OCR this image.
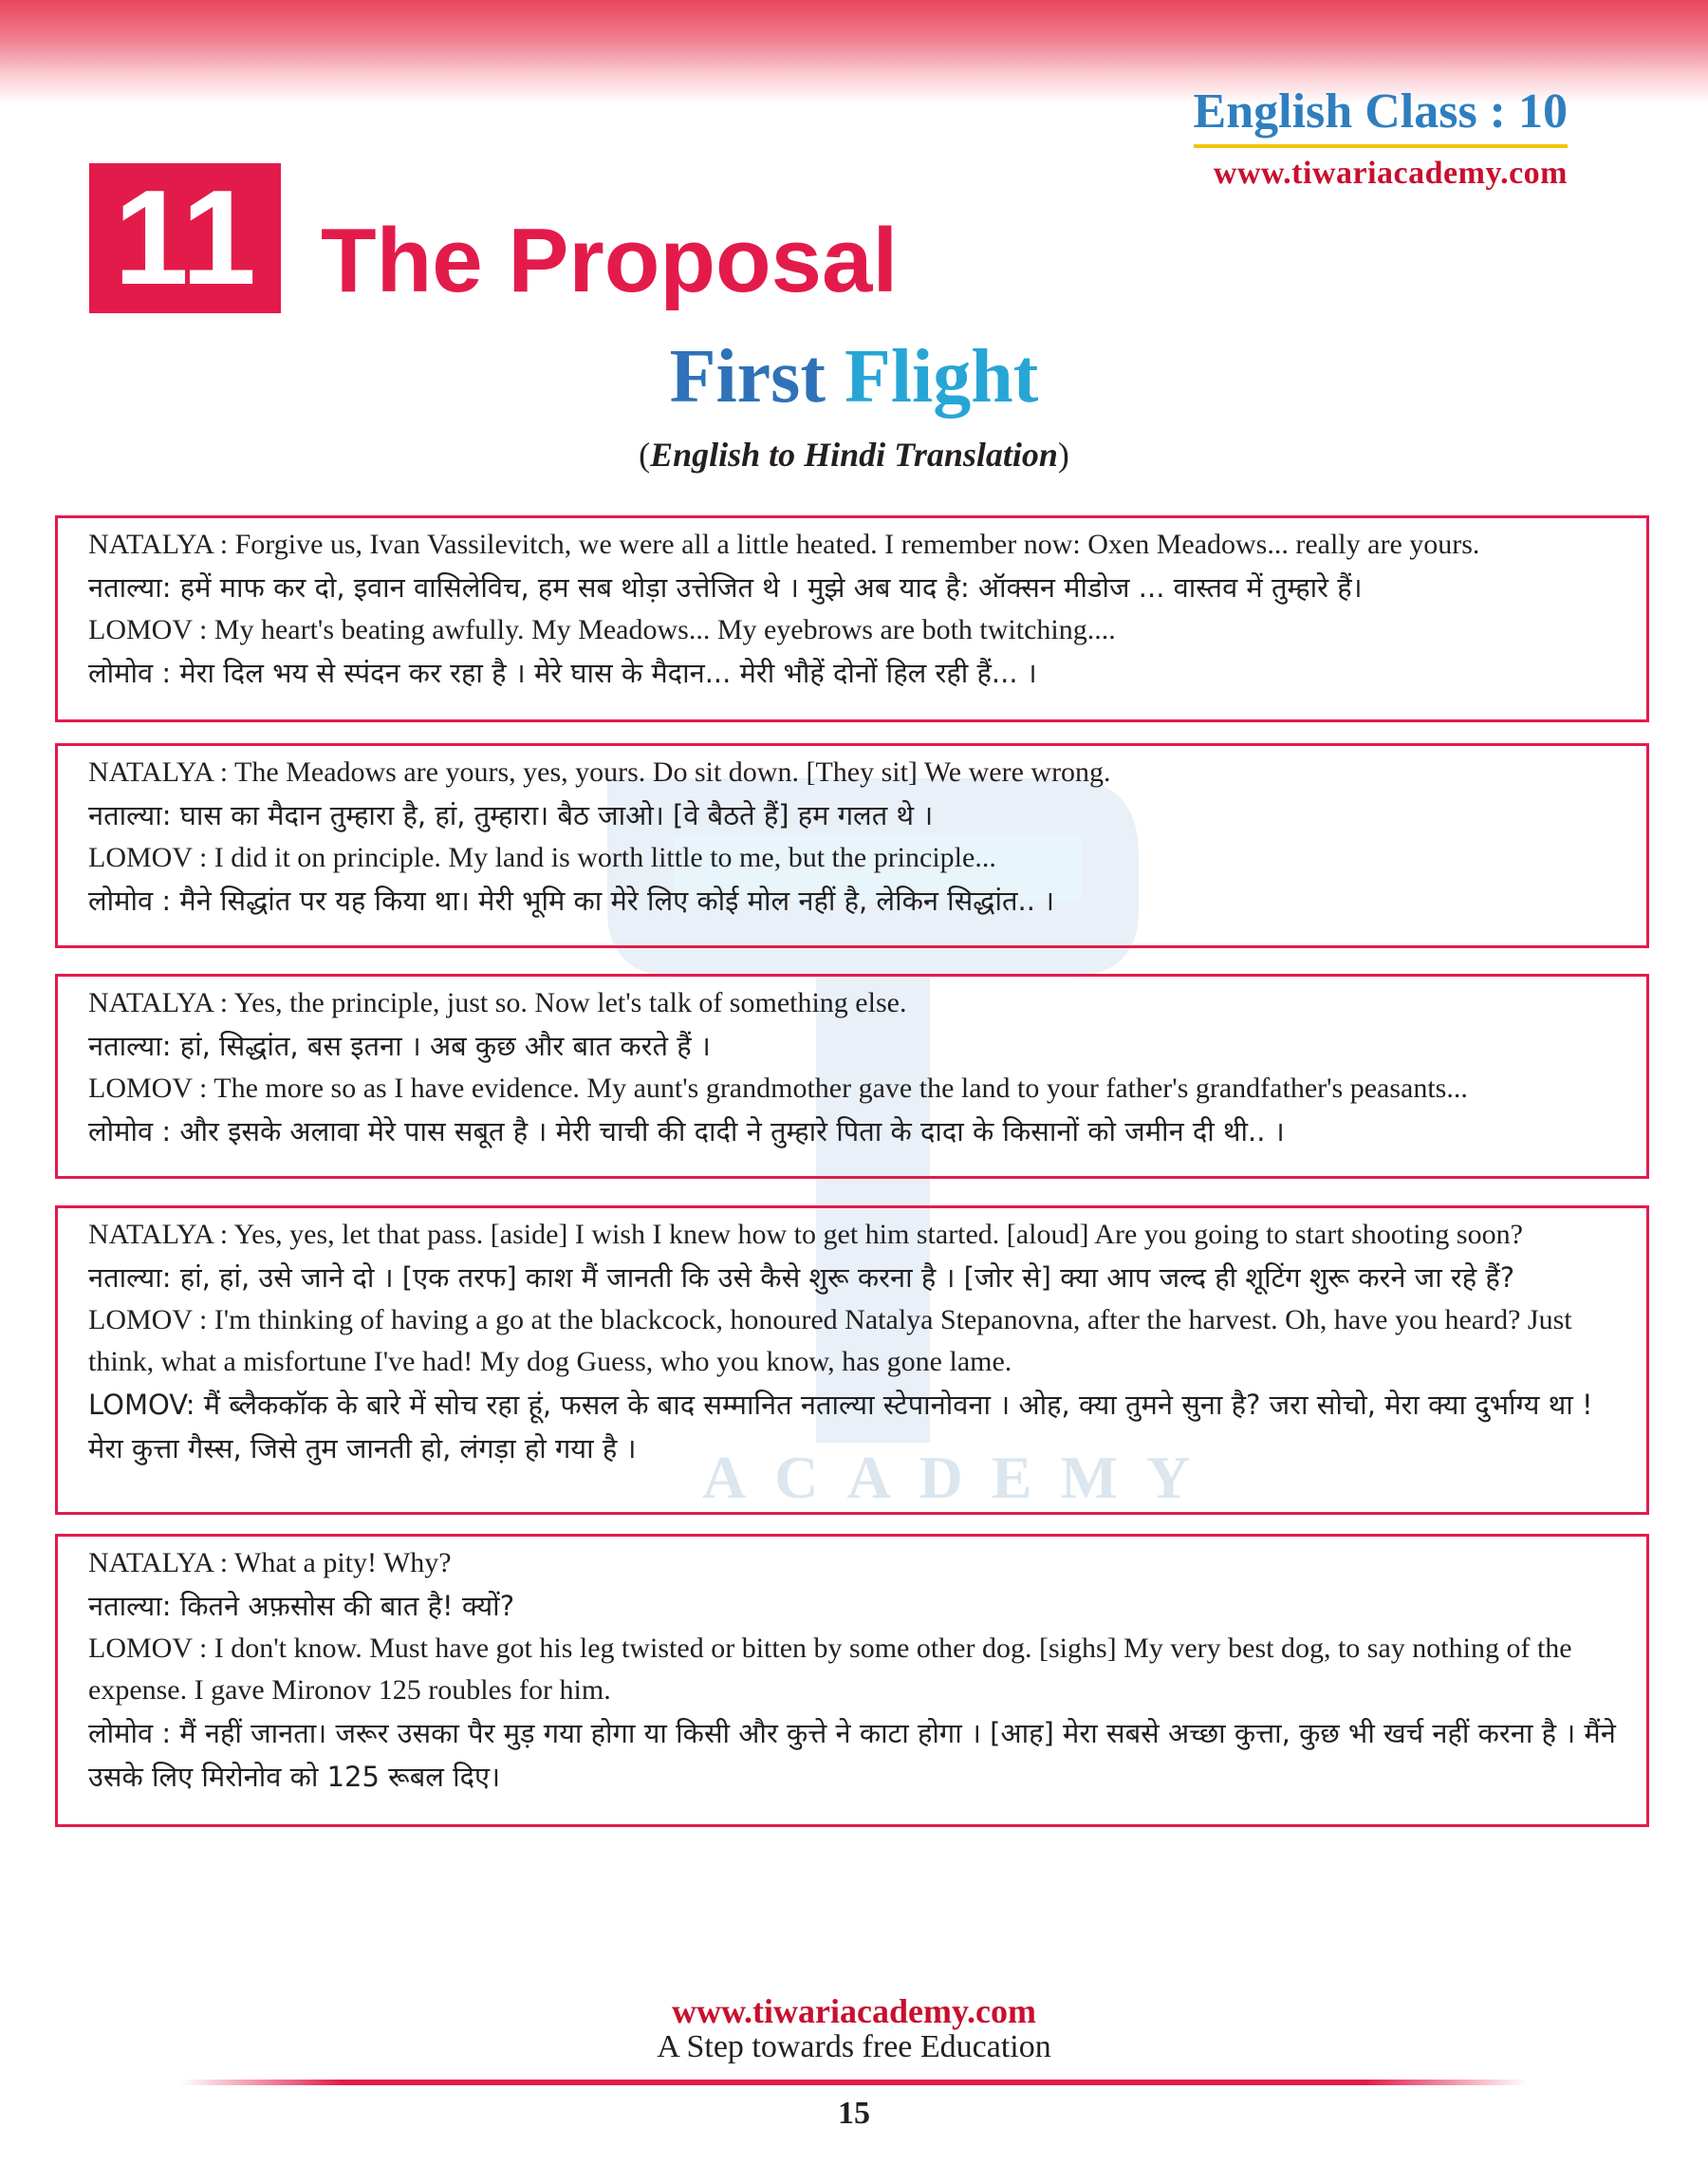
ACADEMY
English Class : 10
www.tiwariacademy.com
11 The Proposal
First Flight
(English to Hindi Translation)
NATALYA : Forgive us, Ivan Vassilevitch, we were all a little heated. I remember now: Oxen Meadows... really are yours.
नताल्या: हमें माफ कर दो, इवान वासिलेविच, हम सब थोड़ा उत्तेजित थे । मुझे अब याद है: ऑक्सन मीडोज ... वास्तव में तुम्हारे हैं।
LOMOV : My heart's beating awfully. My Meadows... My eyebrows are both twitching....
लोमोव : मेरा दिल भय से स्पंदन कर रहा है । मेरे घास के मैदान... मेरी भौहें दोनों हिल रही हैं... ।
NATALYA : The Meadows are yours, yes, yours. Do sit down. [They sit] We were wrong.
नताल्या: घास का मैदान तुम्हारा है, हां, तुम्हारा। बैठ जाओ। [वे बैठते हैं] हम गलत थे ।
LOMOV : I did it on principle. My land is worth little to me, but the principle...
लोमोव : मैने सिद्धांत पर यह किया था। मेरी भूमि का मेरे लिए कोई मोल नहीं है, लेकिन सिद्धांत.. ।
NATALYA : Yes, the principle, just so. Now let's talk of something else.
नताल्या: हां, सिद्धांत, बस इतना । अब कुछ और बात करते हैं ।
LOMOV : The more so as I have evidence. My aunt's grandmother gave the land to your father's grandfather's peasants...
लोमोव : और इसके अलावा मेरे पास सबूत है । मेरी चाची की दादी ने तुम्हारे पिता के दादा के किसानों को जमीन दी थी.. ।
NATALYA : Yes, yes, let that pass. [aside] I wish I knew how to get him started. [aloud] Are you going to start shooting soon?
नताल्या: हां, हां, उसे जाने दो । [एक तरफ] काश मैं जानती कि उसे कैसे शुरू करना है । [जोर से] क्या आप जल्द ही शूटिंग शुरू करने जा रहे हैं?
LOMOV : I'm thinking of having a go at the blackcock, honoured Natalya Stepanovna, after the harvest. Oh, have you heard? Just think, what a misfortune I've had! My dog Guess, who you know, has gone lame.
LOMOV: मैं ब्लैककॉक के बारे में सोच रहा हूं, फसल के बाद सम्मानित नताल्या स्टेपानोवना । ओह, क्या तुमने सुना है? जरा सोचो, मेरा क्या दुर्भाग्य था ! मेरा कुत्ता गैस्स, जिसे तुम जानती हो, लंगड़ा हो गया है ।
NATALYA : What a pity! Why?
नताल्या: कितने अफ़सोस की बात है! क्यों?
LOMOV : I don't know. Must have got his leg twisted or bitten by some other dog. [sighs] My very best dog, to say nothing of the expense. I gave Mironov 125 roubles for him.
लोमोव : मैं नहीं जानता। जरूर उसका पैर मुड़ गया होगा या किसी और कुत्ते ने काटा होगा । [आह] मेरा सबसे अच्छा कुत्ता, कुछ भी खर्च नहीं करना है । मैंने उसके लिए मिरोनोव को 125 रूबल दिए।
www.tiwariacademy.com
A Step towards free Education
15
